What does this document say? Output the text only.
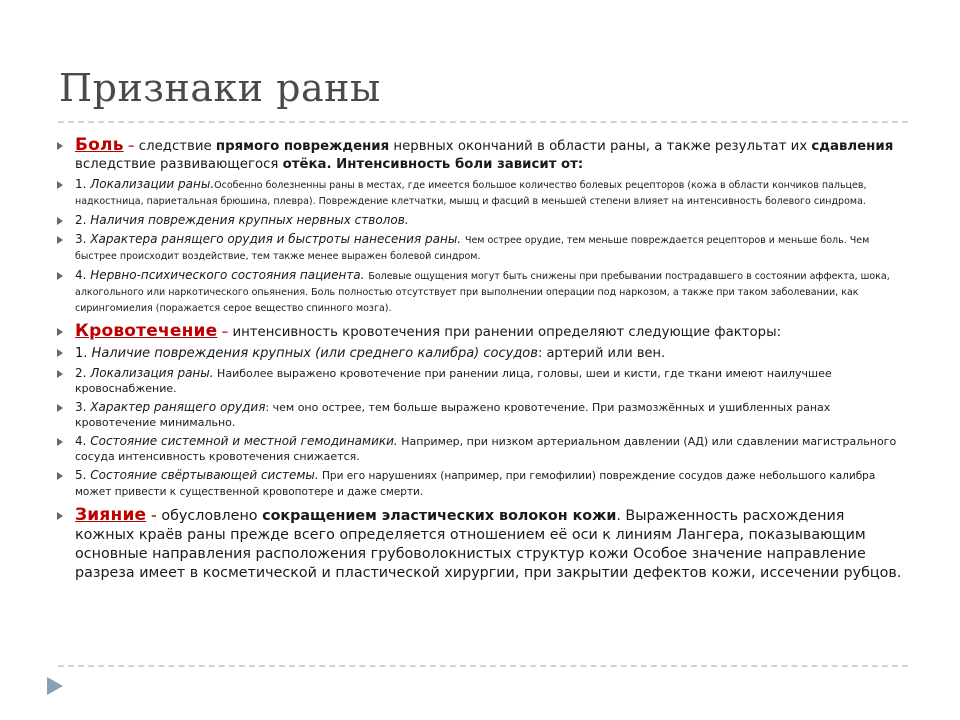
Признаки раны
Боль – следствие прямого повреждения нервных окончаний в области раны, а также результат их сдавления вследствие развивающегося отёка. Интенсивность боли зависит от:
1. Локализации раны.Особенно болезненны раны в местах, где имеется большое количество болевых рецепторов (кожа в области кончиков пальцев, надкостница, париетальная брюшина, плевра). Повреждение клетчатки, мышц и фасций в меньшей степени влияет на интенсивность болевого синдрома.
2. Наличия повреждения крупных нервных стволов.
3. Характера ранящего орудия и быстроты нанесения раны. Чем острее орудие, тем меньше повреждается рецепторов и меньше боль. Чем быстрее происходит воздействие, тем также менее выражен болевой синдром.
4. Нервно-психического состояния пациента. Болевые ощущения могут быть снижены при пребывании пострадавшего в состоянии аффекта, шока, алкогольного или наркотического опьянения. Боль полностью отсутствует при выполнении операции под наркозом, а также при таком заболевании, как сирингомиелия (поражается серое вещество спинного мозга).
Кровотечение – интенсивность кровотечения при ранении определяют следующие факторы:
1. Наличие повреждения крупных (или среднего калибра) сосудов: артерий или вен.
2. Локализация раны. Наиболее выражено кровотечение при ранении лица, головы, шеи и кисти, где ткани имеют наилучшее кровоснабжение.
3. Характер ранящего орудия: чем оно острее, тем больше выражено кровотечение. При размозжённых и ушибленных ранах кровотечение минимально.
4. Состояние системной и местной гемодинамики. Например, при низком артериальном давлении (АД) или сдавлении магистрального сосуда интенсивность кровотечения снижается.
5. Состояние свёртывающей системы. При его нарушениях (например, при гемофилии) повреждение сосудов даже небольшого калибра может привести к существенной кровопотере и даже смерти.
Зияние - обусловлено сокращением эластических волокон кожи. Выраженность расхождения кожных краёв раны прежде всего определяется отношением её оси к линиям Лангера, показывающим основные направления расположения грубоволокнистых структур кожи Особое значение направление разреза имеет в косметической и пластической хирургии, при закрытии дефектов кожи, иссечении рубцов.
